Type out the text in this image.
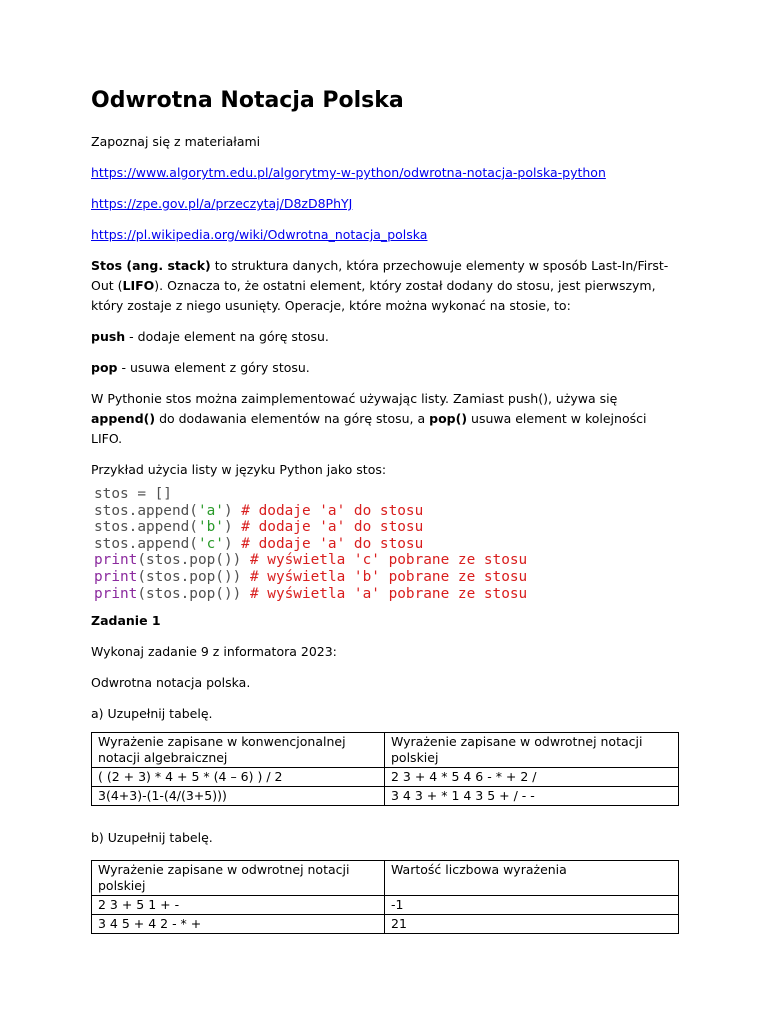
Odwrotna Notacja Polska

Zapoznaj się z materiałami

https://www.algorytm.edu.pl/algorytmy-w-python/odwrotna-notacja-polska-python

https://zpe.gov.pl/a/przeczytaj/D8zD8PhYJ

https://pl.wikipedia.org/wiki/Odwrotna_notacja_polska

Stos (ang. stack) to struktura danych, która przechowuje elementy w sposób Last-In/First-Out (LIFO). Oznacza to, że ostatni element, który został dodany do stosu, jest pierwszym, który zostaje z niego usunięty. Operacje, które można wykonać na stosie, to:

push - dodaje element na górę stosu.

pop - usuwa element z góry stosu.

W Pythonie stos można zaimplementować używając listy. Zamiast push(), używa się append() do dodawania elementów na górę stosu, a pop() usuwa element w kolejności LIFO.

Przykład użycia listy w języku Python jako stos:

stos = []
stos.append('a') # dodaje 'a' do stosu
stos.append('b') # dodaje 'a' do stosu
stos.append('c') # dodaje 'a' do stosu
print(stos.pop()) # wyświetla 'c' pobrane ze stosu
print(stos.pop()) # wyświetla 'b' pobrane ze stosu
print(stos.pop()) # wyświetla 'a' pobrane ze stosu

Zadanie 1

Wykonaj zadanie 9 z informatora 2023:

Odwrotna notacja polska.

a) Uzupełnij tabelę.

Wyrażenie zapisane w konwencjonalnej notacji algebraicznej	Wyrażenie zapisane w odwrotnej notacji polskiej
( (2 + 3) * 4 + 5 * (4 – 6) ) / 2	2 3 + 4 * 5 4 6 - * + 2 /
3(4+3)-(1-(4/(3+5)))	3 4 3 + * 1 4 3 5 + / - -

b) Uzupełnij tabelę.

Wyrażenie zapisane w odwrotnej notacji polskiej	Wartość liczbowa wyrażenia
2 3 + 5 1 + -	-1
3 4 5 + 4 2 - * +	21
